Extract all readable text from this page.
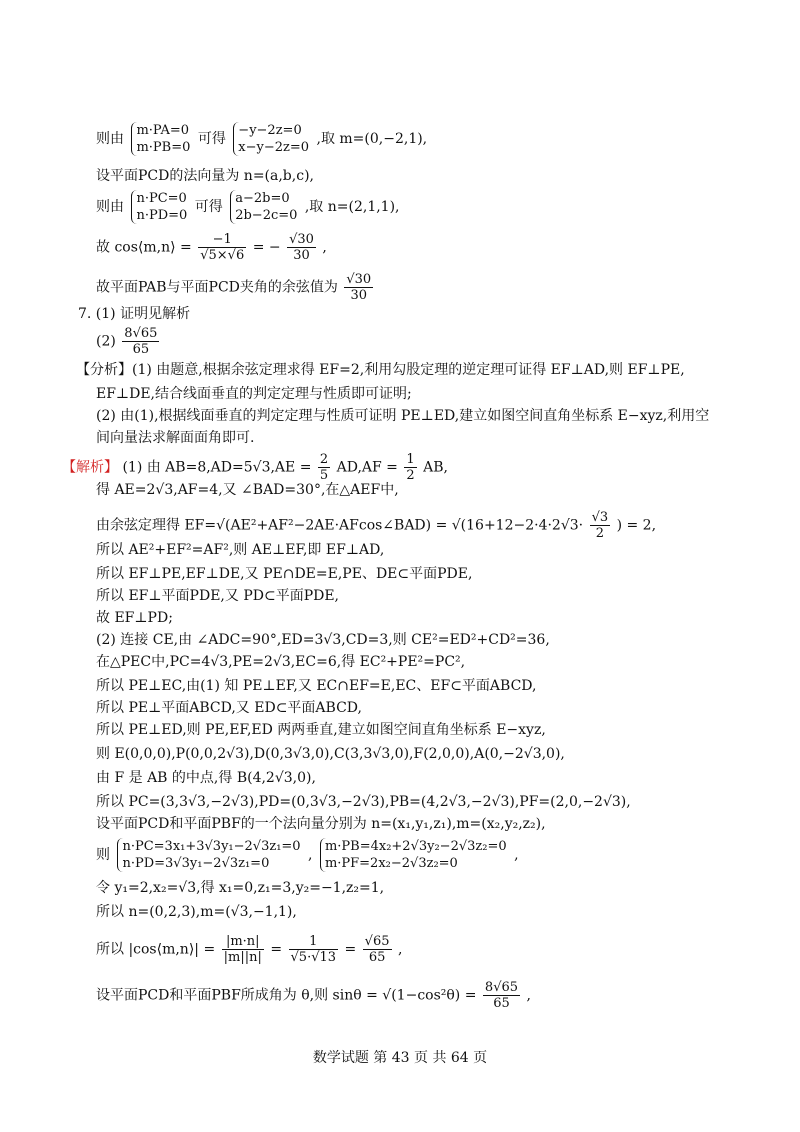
则由
m·PA=0
m·PB=0
可得
−y−2z=0
x−y−2z=0
,取 m=(0,−2,1),
设平面PCD的法向量为 n=(a,b,c),
则由
n·PC=0
n·PD=0
可得
a−2b=0
2b−2c=0
,取 n=(2,1,1),
故 cos⟨m,n⟩ = $\frac{-1}{√5\times√6}$ = − $\frac{√30}{30}$ ,
故平面PAB与平面PCD夹角的余弦值为 $\frac{√30}{30}$
7. (1) 证明见解析
$(2) \frac{8√65}{65}$
【分析】(1) 由题意,根据余弦定理求得 EF=2,利用勾股定理的逆定理可证得 EF⊥AD,则 EF⊥PE,
EF⊥DE,结合线面垂直的判定定理与性质即可证明;
(2) 由(1),根据线面垂直的判定定理与性质可证明 PE⊥ED,建立如图空间直角坐标系 E−xyz,利用空
间向量法求解面面角即可.
【解析】 (1) 由 $AB=8,AD=5√3,AE = \frac{2}{5} AD,AF = \frac{1}{2}$ AB,
得 AE=2√3,AF=4,又 ∠BAD=30°,在△AEF中,
由余弦定理得 EF=√(AE²+AF²−2AE·AFcos∠BAD) = $√(16+12-2\cdot 4\cdot 2√3\cdot \frac{√3}{2}$ ) = 2,
所以 AE²+EF²=AF²,则 AE⊥EF,即 EF⊥AD,
所以 EF⊥PE,EF⊥DE,又 PE∩DE=E,PE、DE⊂平面PDE,
所以 EF⊥平面PDE,又 PD⊂平面PDE,
故 EF⊥PD;
(2) 连接 CE,由 ∠ADC=90°,ED=3√3,CD=3,则 CE²=ED²+CD²=36,
在△PEC中,PC=4√3,PE=2√3,EC=6,得 EC²+PE²=PC²,
所以 PE⊥EC,由(1) 知 PE⊥EF,又 EC∩EF=E,EC、EF⊂平面ABCD,
所以 PE⊥平面ABCD,又 ED⊂平面ABCD,
所以 PE⊥ED,则 PE,EF,ED 两两垂直,建立如图空间直角坐标系 E−xyz,
则 E(0,0,0),P(0,0,2√3),D(0,3√3,0),C(3,3√3,0),F(2,0,0),A(0,−2√3,0),
由 F 是 AB 的中点,得 B(4,2√3,0),
所以 PC=(3,3√3,−2√3),PD=(0,3√3,−2√3),PB=(4,2√3,−2√3),PF=(2,0,−2√3),
设平面PCD和平面PBF的一个法向量分别为 n=(x₁,y₁,z₁),m=(x₂,y₂,z₂),
则
n·PC=3x₁+3√3y₁−2√3z₁=0
n·PD=3√3y₁−2√3z₁=0
,
m·PB=4x₂+2√3y₂−2√3z₂=0
m·PF=2x₂−2√3z₂=0
,
令 y₁=2,x₂=√3,得 x₁=0,z₁=3,y₂=−1,z₂=1,
所以 n=(0,2,3),m=(√3,−1,1),
所以 |cos⟨m,n⟩| = $\frac{|m\cdot n|}{|m||n|} = \frac{1}{√5\cdot√13} = \frac{√65}{65}$ ,
设平面PCD和平面PBF所成角为 θ,则 $\sin\theta = √(1-\cos^2\theta) = \frac{8√65}{65}$ ,
数学试题 第 43 页 共 64 页
